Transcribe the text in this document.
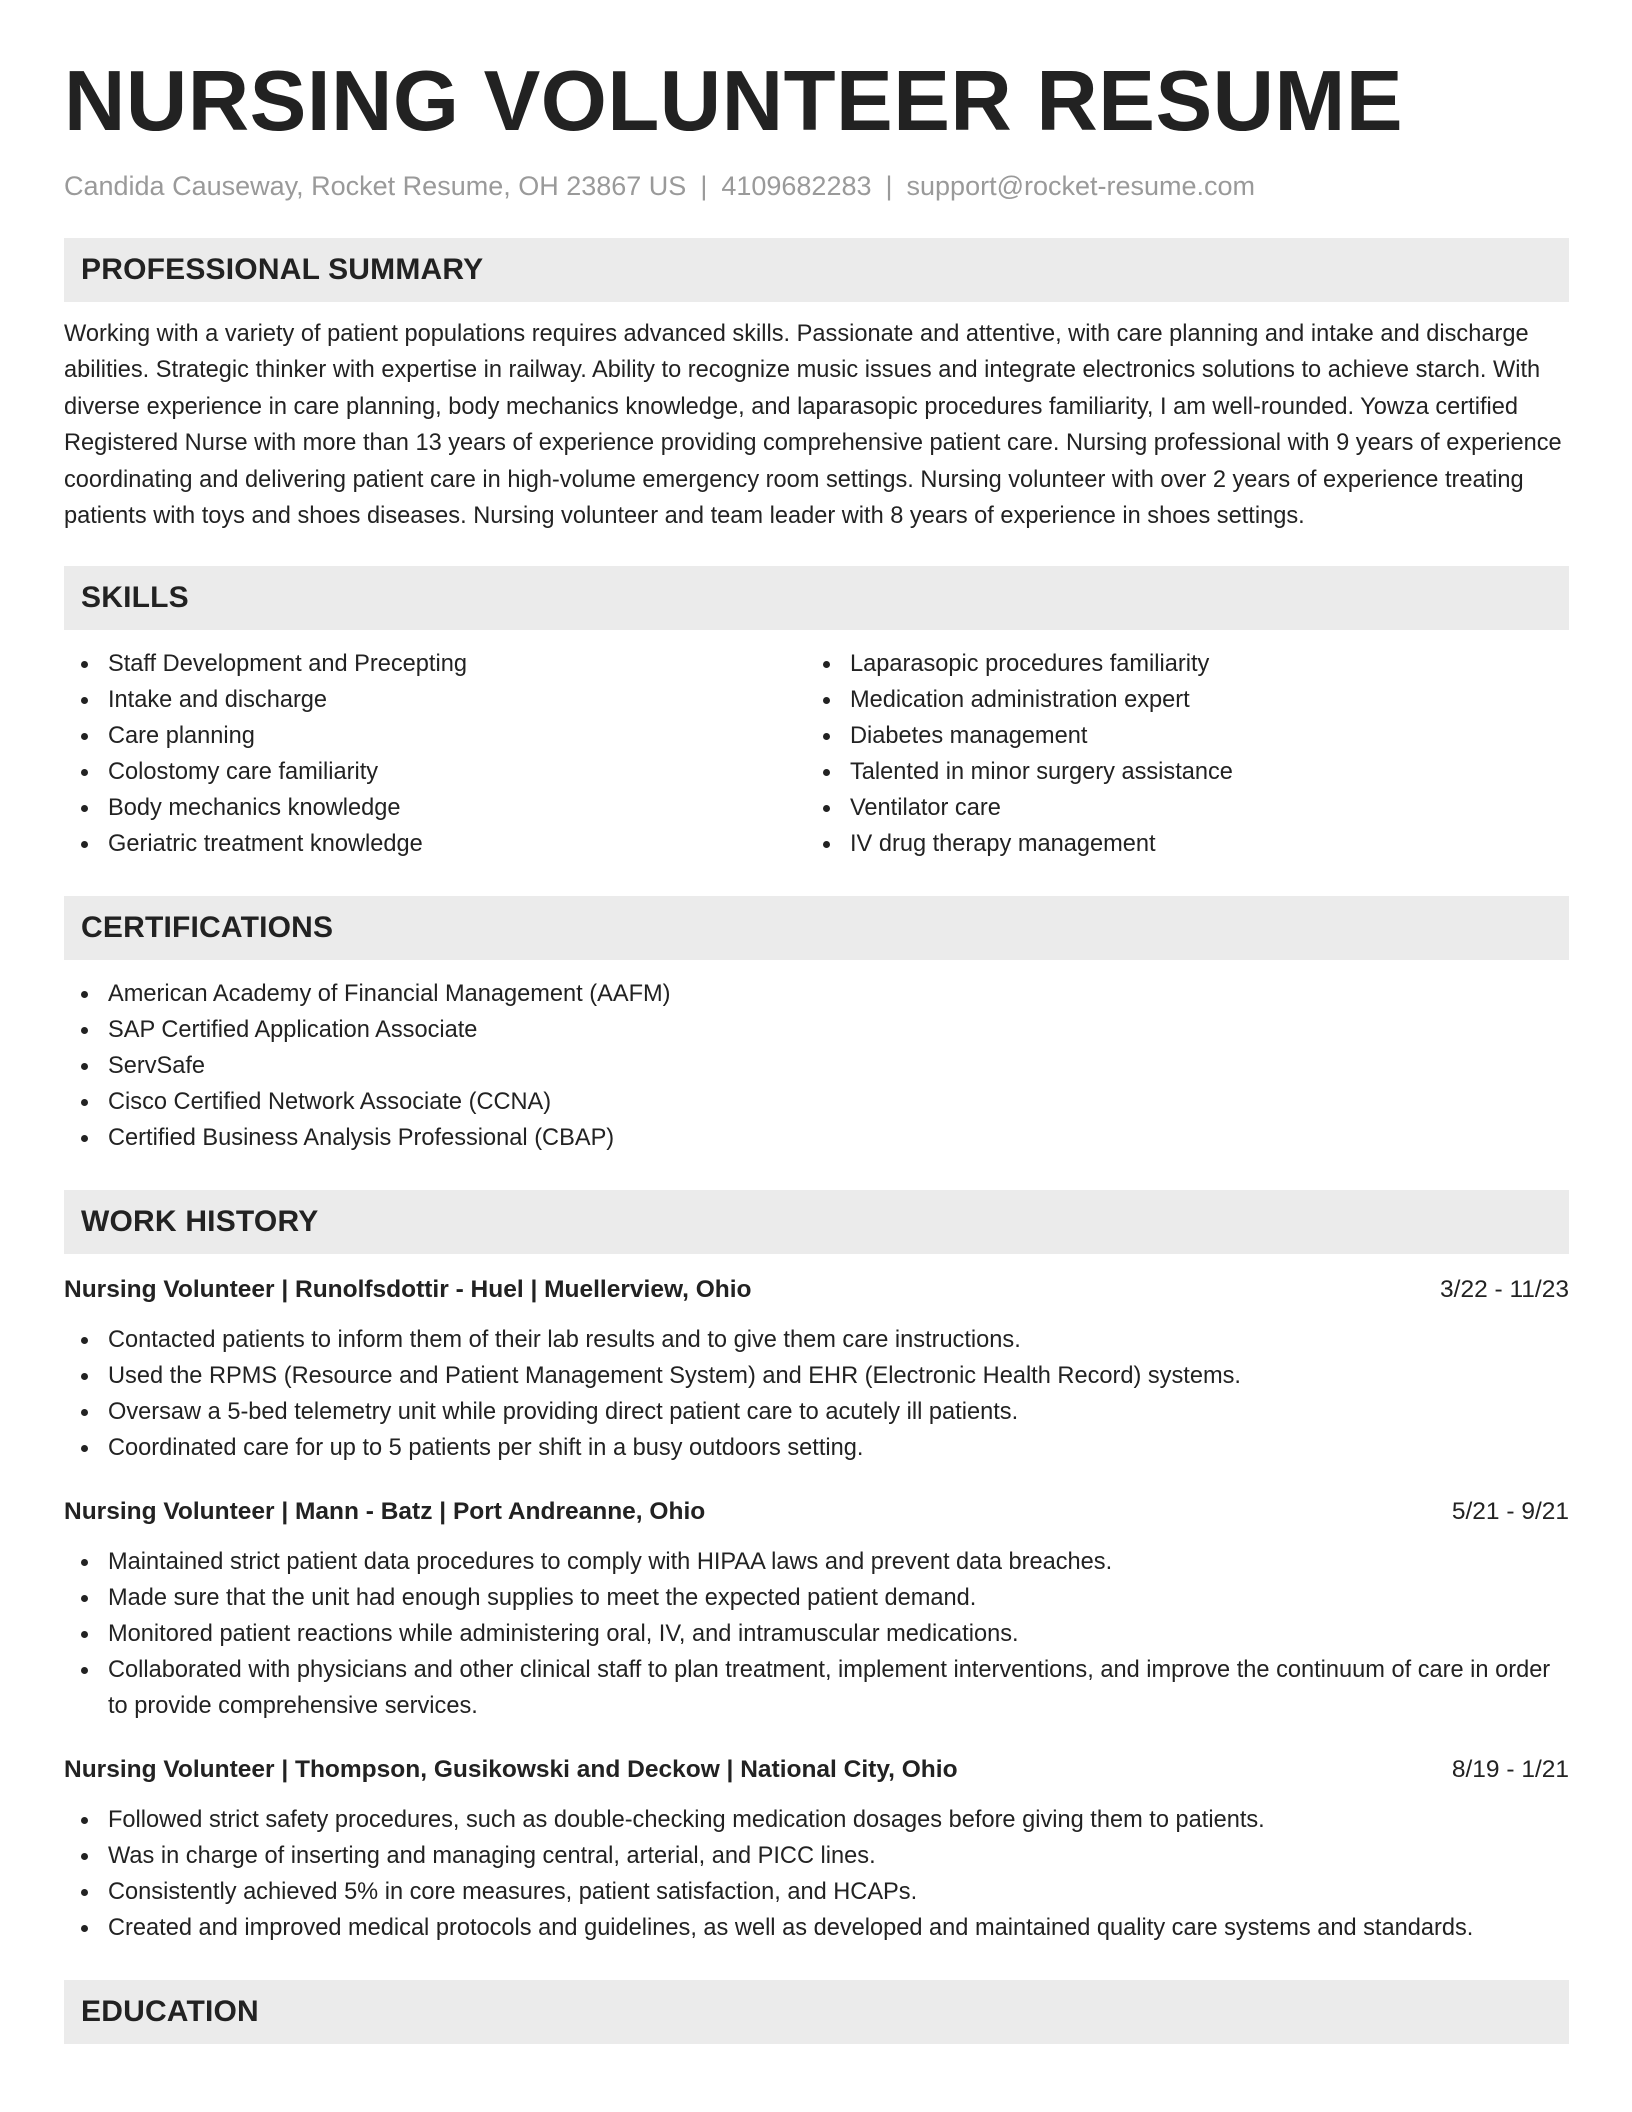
NURSING VOLUNTEER RESUME
Candida Causeway, Rocket Resume, OH 23867 US | 4109682283 | support@rocket-resume.com
PROFESSIONAL SUMMARY

Working with a variety of patient populations requires advanced skills. Passionate and attentive, with care planning and intake and discharge abilities. Strategic thinker with expertise in railway. Ability to recognize music issues and integrate electronics solutions to achieve starch. With diverse experience in care planning, body mechanics knowledge, and laparasopic procedures familiarity, I am well-rounded. Yowza certified Registered Nurse with more than 13 years of experience providing comprehensive patient care. Nursing professional with 9 years of experience coordinating and delivering patient care in high-volume emergency room settings. Nursing volunteer with over 2 years of experience treating patients with toys and shoes diseases. Nursing volunteer and team leader with 8 years of experience in shoes settings.

SKILLS
Staff Development and Precepting
Intake and discharge
Care planning
Colostomy care familiarity
Body mechanics knowledge
Geriatric treatment knowledge
Laparasopic procedures familiarity
Medication administration expert
Diabetes management
Talented in minor surgery assistance
Ventilator care
IV drug therapy management
CERTIFICATIONS
American Academy of Financial Management (AAFM)
SAP Certified Application Associate
ServSafe
Cisco Certified Network Associate (CCNA)
Certified Business Analysis Professional (CBAP)
WORK HISTORY
Nursing Volunteer | Runolfsdottir - Huel | Muellerview, Ohio	3/22 - 11/23
Contacted patients to inform them of their lab results and to give them care instructions.
Used the RPMS (Resource and Patient Management System) and EHR (Electronic Health Record) systems.
Oversaw a 5-bed telemetry unit while providing direct patient care to acutely ill patients.
Coordinated care for up to 5 patients per shift in a busy outdoors setting.
Nursing Volunteer | Mann - Batz | Port Andreanne, Ohio	5/21 - 9/21
Maintained strict patient data procedures to comply with HIPAA laws and prevent data breaches.
Made sure that the unit had enough supplies to meet the expected patient demand.
Monitored patient reactions while administering oral, IV, and intramuscular medications.
Collaborated with physicians and other clinical staff to plan treatment, implement interventions, and improve the continuum of care in order to provide comprehensive services.
Nursing Volunteer | Thompson, Gusikowski and Deckow | National City, Ohio	8/19 - 1/21
Followed strict safety procedures, such as double-checking medication dosages before giving them to patients.
Was in charge of inserting and managing central, arterial, and PICC lines.
Consistently achieved 5% in core measures, patient satisfaction, and HCAPs.
Created and improved medical protocols and guidelines, as well as developed and maintained quality care systems and standards.
EDUCATION
